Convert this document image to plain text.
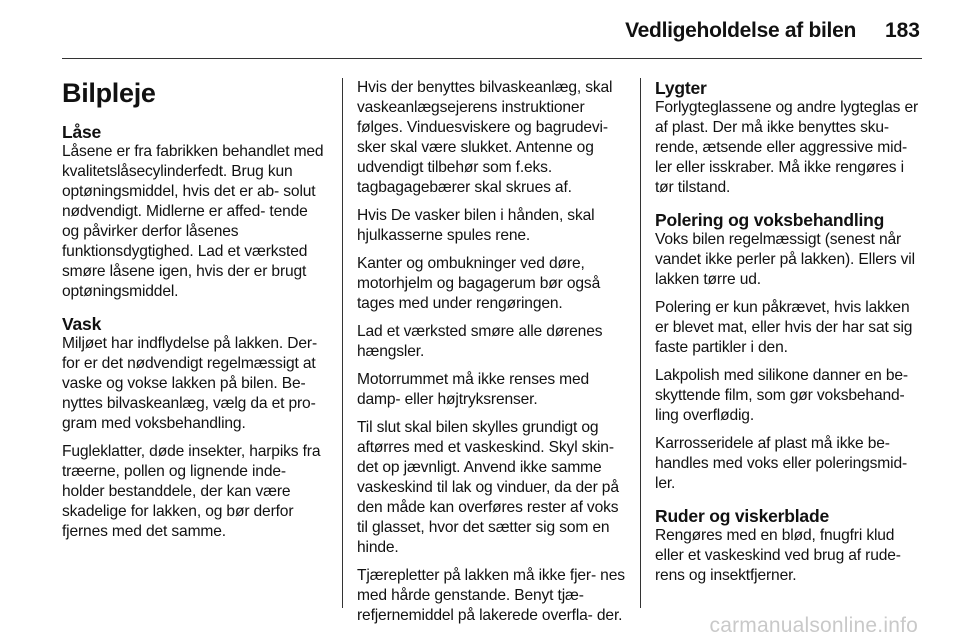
Vedligeholdelse af bilen 183
Bilpleje
Låse

Låsene er fra fabrikken behandlet med kvalitetslåsecylinderfedt. Brug kun optøningsmiddel, hvis det er ab- solut nødvendigt. Midlerne er affed- tende og påvirker derfor låsenes funktionsdygtighed. Lad et værksted smøre låsene igen, hvis der er brugt optøningsmiddel.

Vask

Miljøet har indflydelse på lakken. Der- for er det nødvendigt regelmæssigt at vaske og vokse lakken på bilen. Be- nyttes bilvaskeanlæg, vælg da et pro- gram med voksbehandling.

Fugleklatter, døde insekter, harpiks fra træerne, pollen og lignende inde- holder bestanddele, der kan være skadelige for lakken, og bør derfor fjernes med det samme.

Hvis der benyttes bilvaskeanlæg, skal vaskeanlægsejerens instruktioner følges. Vinduesviskere og bagrudevi- sker skal være slukket. Antenne og udvendigt tilbehør som f.eks. tagbagagebærer skal skrues af.

Hvis De vasker bilen i hånden, skal hjulkasserne spules rene.

Kanter og ombukninger ved døre, motorhjelm og bagagerum bør også tages med under rengøringen.

Lad et værksted smøre alle dørenes hængsler.

Motorrummet må ikke renses med damp- eller højtryksrenser.

Til slut skal bilen skylles grundigt og aftørres med et vaskeskind. Skyl skin- det op jævnligt. Anvend ikke samme vaskeskind til lak og vinduer, da der på den måde kan overføres rester af voks til glasset, hvor det sætter sig som en hinde.

Tjærepletter på lakken må ikke fjer- nes med hårde genstande. Benyt tjæ- refjernemiddel på lakerede overfla- der.

Lygter

Forlygteglassene og andre lygteglas er af plast. Der må ikke benyttes sku- rende, ætsende eller aggressive mid- ler eller isskraber. Må ikke rengøres i tør tilstand.

Polering og voksbehandling

Voks bilen regelmæssigt (senest når vandet ikke perler på lakken). Ellers vil lakken tørre ud.

Polering er kun påkrævet, hvis lakken er blevet mat, eller hvis der har sat sig faste partikler i den.

Lakpolish med silikone danner en be- skyttende film, som gør voksbehand- ling overflødig.

Karrosseridele af plast må ikke be- handles med voks eller poleringsmid- ler.

Ruder og viskerblade

Rengøres med en blød, fnugfri klud eller et vaskeskind ved brug af rude- rens og insektfjerner.

carmanualsonline.info
